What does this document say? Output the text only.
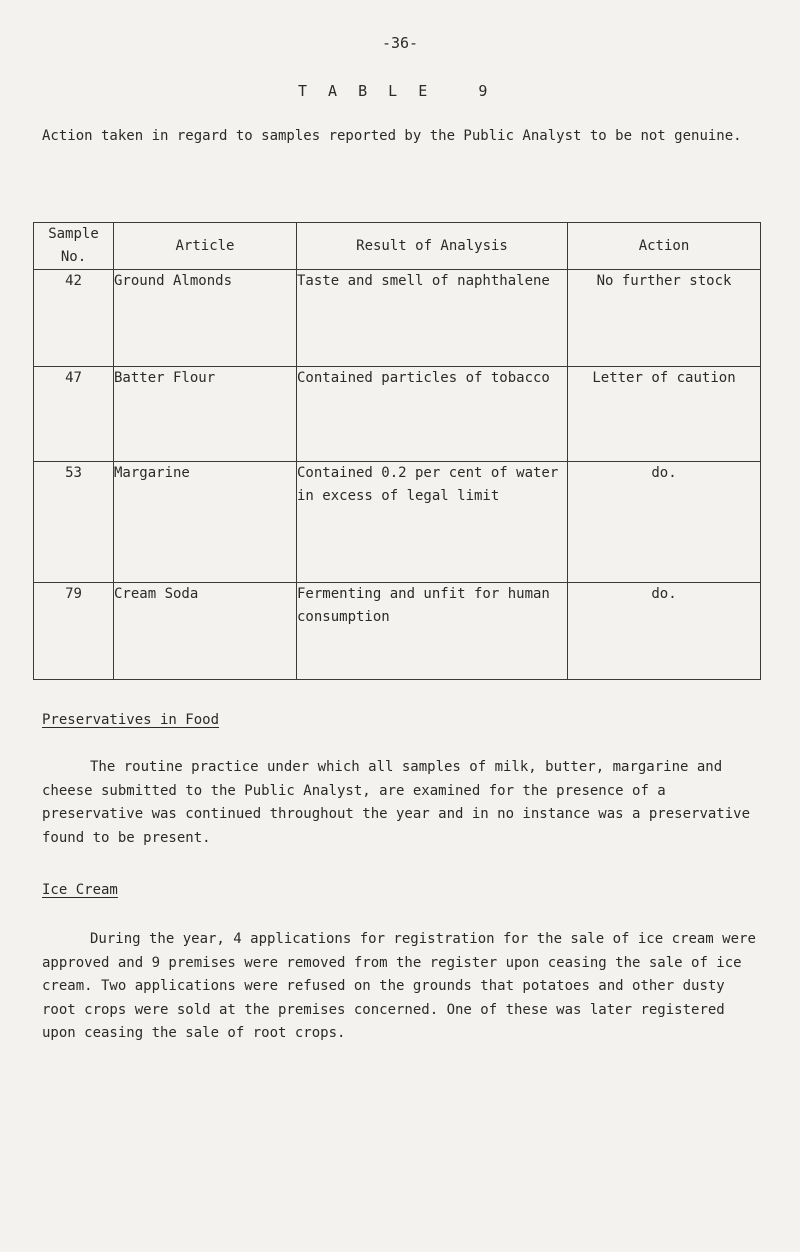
-36-
T A B L E   9

Action taken in regard to samples reported by the Public Analyst to be not genuine.

Sample No.	Article	Result of Analysis	Action
42	Ground Almonds	Taste and smell of naphthalene	No further stock
47	Batter Flour	Contained particles of tobacco	Letter of caution
53	Margarine	Contained 0.2 per cent of water in excess of legal limit	do.
79	Cream Soda	Fermenting and unfit for human consumption	do.
Preservatives in Food

The routine practice under which all samples of milk, butter, margarine and cheese submitted to the Public Analyst, are examined for the presence of a preservative was continued throughout the year and in no instance was a preservative found to be present.

Ice Cream

During the year, 4 applications for registration for the sale of ice cream were approved and 9 premises were removed from the register upon ceasing the sale of ice cream. Two applications were refused on the grounds that potatoes and other dusty root crops were sold at the premises concerned. One of these was later registered upon ceasing the sale of root crops.
